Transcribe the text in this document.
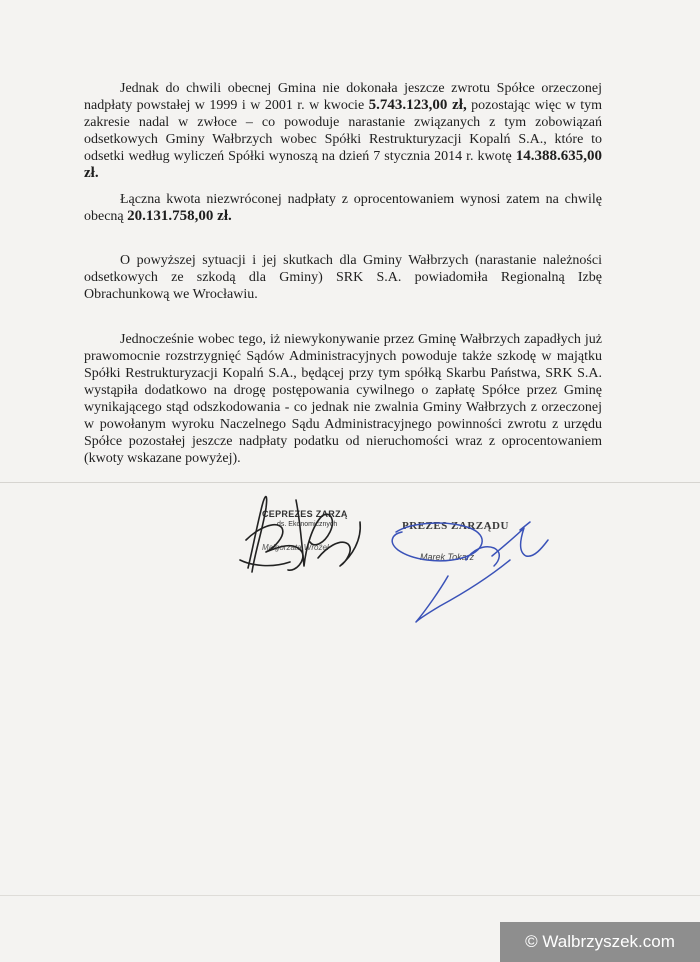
Jednak do chwili obecnej Gmina nie dokonała jeszcze zwrotu Spółce orzeczonej nadpłaty powstałej w 1999 i w 2001 r. w kwocie 5.743.123,00 zł, pozostając więc w tym zakresie nadal w zwłoce – co powoduje narastanie związanych z tym zobowiązań odsetkowych Gminy Wałbrzych wobec Spółki Restrukturyzacji Kopalń S.A., które to odsetki według wyliczeń Spółki wynoszą na dzień 7 stycznia 2014 r. kwotę 14.388.635,00 zł.

Łączna kwota niezwróconej nadpłaty z oprocentowaniem wynosi zatem na chwilę obecną 20.131.758,00 zł.

O powyższej sytuacji i jej skutkach dla Gminy Wałbrzych (narastanie należności odsetkowych ze szkodą dla Gminy) SRK S.A. powiadomiła Regionalną Izbę Obrachunkową we Wrocławiu.

Jednocześnie wobec tego, iż niewykonywanie przez Gminę Wałbrzych zapadłych już prawomocnie rozstrzygnięć Sądów Administracyjnych powoduje także szkodę w majątku Spółki Restrukturyzacji Kopalń S.A., będącej przy tym spółką Skarbu Państwa, SRK S.A. wystąpiła dodatkowo na drogę postępowania cywilnego o zapłatę Spółce przez Gminę wynikającego stąd odszkodowania - co jednak nie zwalnia Gminy Wałbrzych z orzeczonej w powołanym wyroku Naczelnego Sądu Administracyjnego powinności zwrotu z urzędu Spółce pozostałej jeszcze nadpłaty podatku od nieruchomości wraz z oprocentowaniem (kwoty wskazane powyżej).

CEPREZES ZARZĄ
ds. Ekonomicznych
Małgorzata Wróżel
PREZES ZARZĄDU
Marek Tokarz
© Walbrzyszek.com
